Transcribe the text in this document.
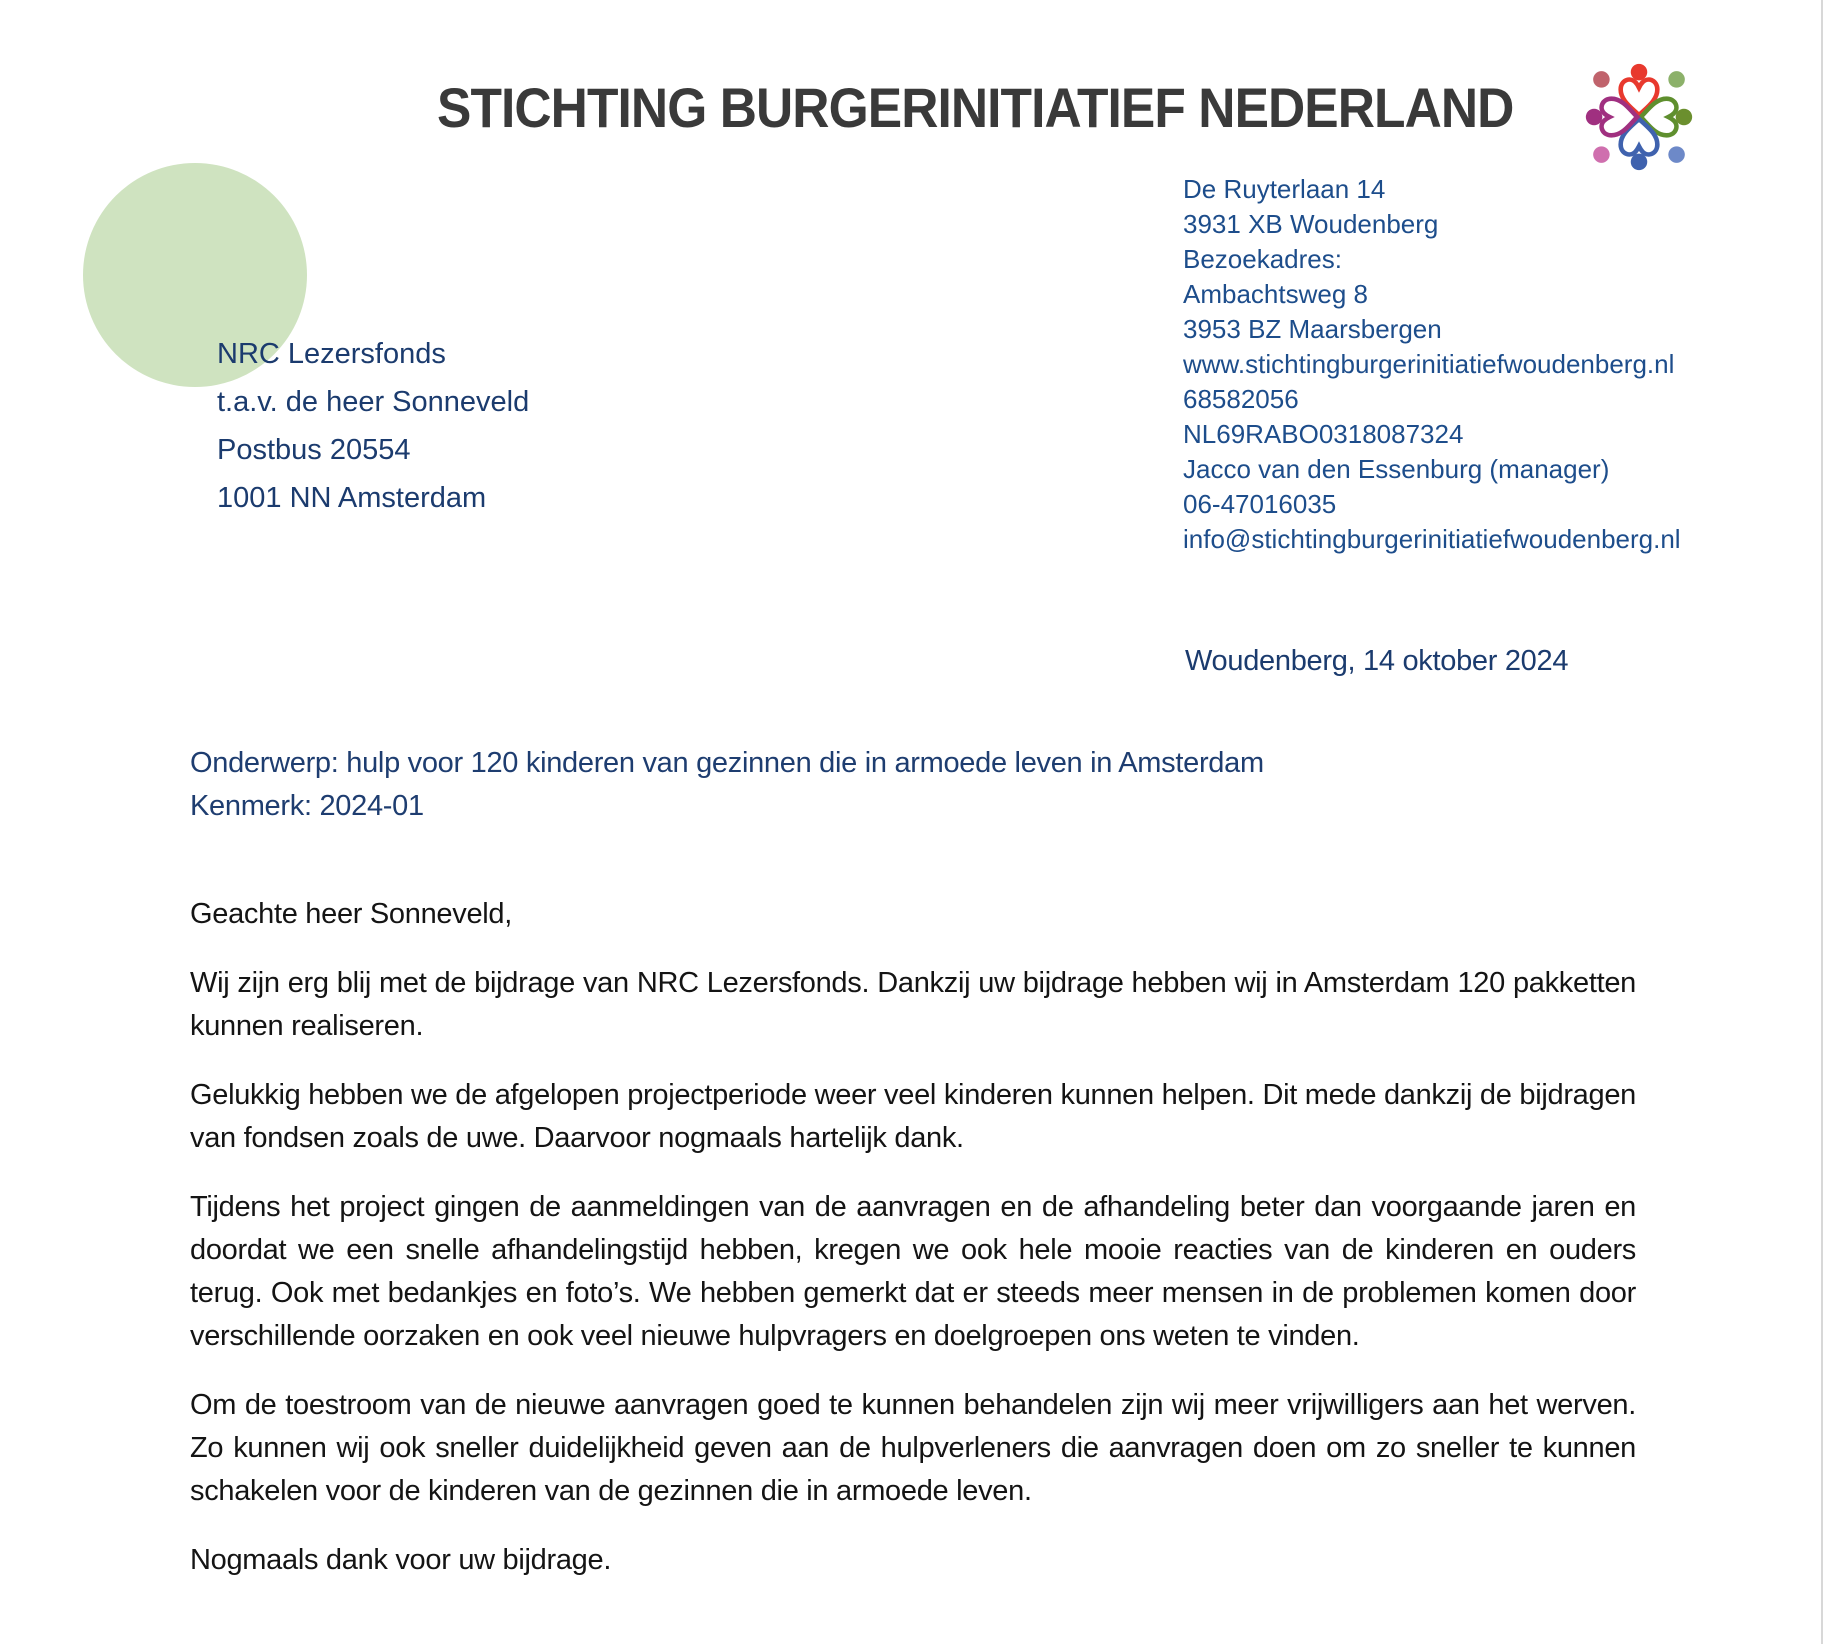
STICHTING BURGERINITIATIEF NEDERLAND
De Ruyterlaan 14
3931 XB Woudenberg
Bezoekadres:
Ambachtsweg 8
3953 BZ Maarsbergen
www.stichtingburgerinitiatiefwoudenberg.nl
68582056
NL69RABO0318087324
Jacco van den Essenburg (manager)
06-47016035
info@stichtingburgerinitiatiefwoudenberg.nl
NRC Lezersfonds
t.a.v. de heer Sonneveld
Postbus 20554
1001 NN Amsterdam
Woudenberg, 14 oktober 2024
Onderwerp: hulp voor 120 kinderen van gezinnen die in armoede leven in Amsterdam
Kenmerk: 2024-01

Geachte heer Sonneveld,

Wij zijn erg blij met de bijdrage van NRC Lezersfonds. Dankzij uw bijdrage hebben wij in Amsterdam 120 pakketten kunnen realiseren.

Gelukkig hebben we de afgelopen projectperiode weer veel kinderen kunnen helpen. Dit mede dankzij de bijdragen van fondsen zoals de uwe. Daarvoor nogmaals hartelijk dank.

Tijdens het project gingen de aanmeldingen van de aanvragen en de afhandeling beter dan voorgaande jaren en doordat we een snelle afhandelingstijd hebben, kregen we ook hele mooie reacties van de kinderen en ouders terug. Ook met bedankjes en foto’s. We hebben gemerkt dat er steeds meer mensen in de problemen komen door verschillende oorzaken en ook veel nieuwe hulpvragers en doelgroepen ons weten te vinden.

Om de toestroom van de nieuwe aanvragen goed te kunnen behandelen zijn wij meer vrijwilligers aan het werven. Zo kunnen wij ook sneller duidelijkheid geven aan de hulpverleners die aanvragen doen om zo sneller te kunnen schakelen voor de kinderen van de gezinnen die in armoede leven.

Nogmaals dank voor uw bijdrage.
